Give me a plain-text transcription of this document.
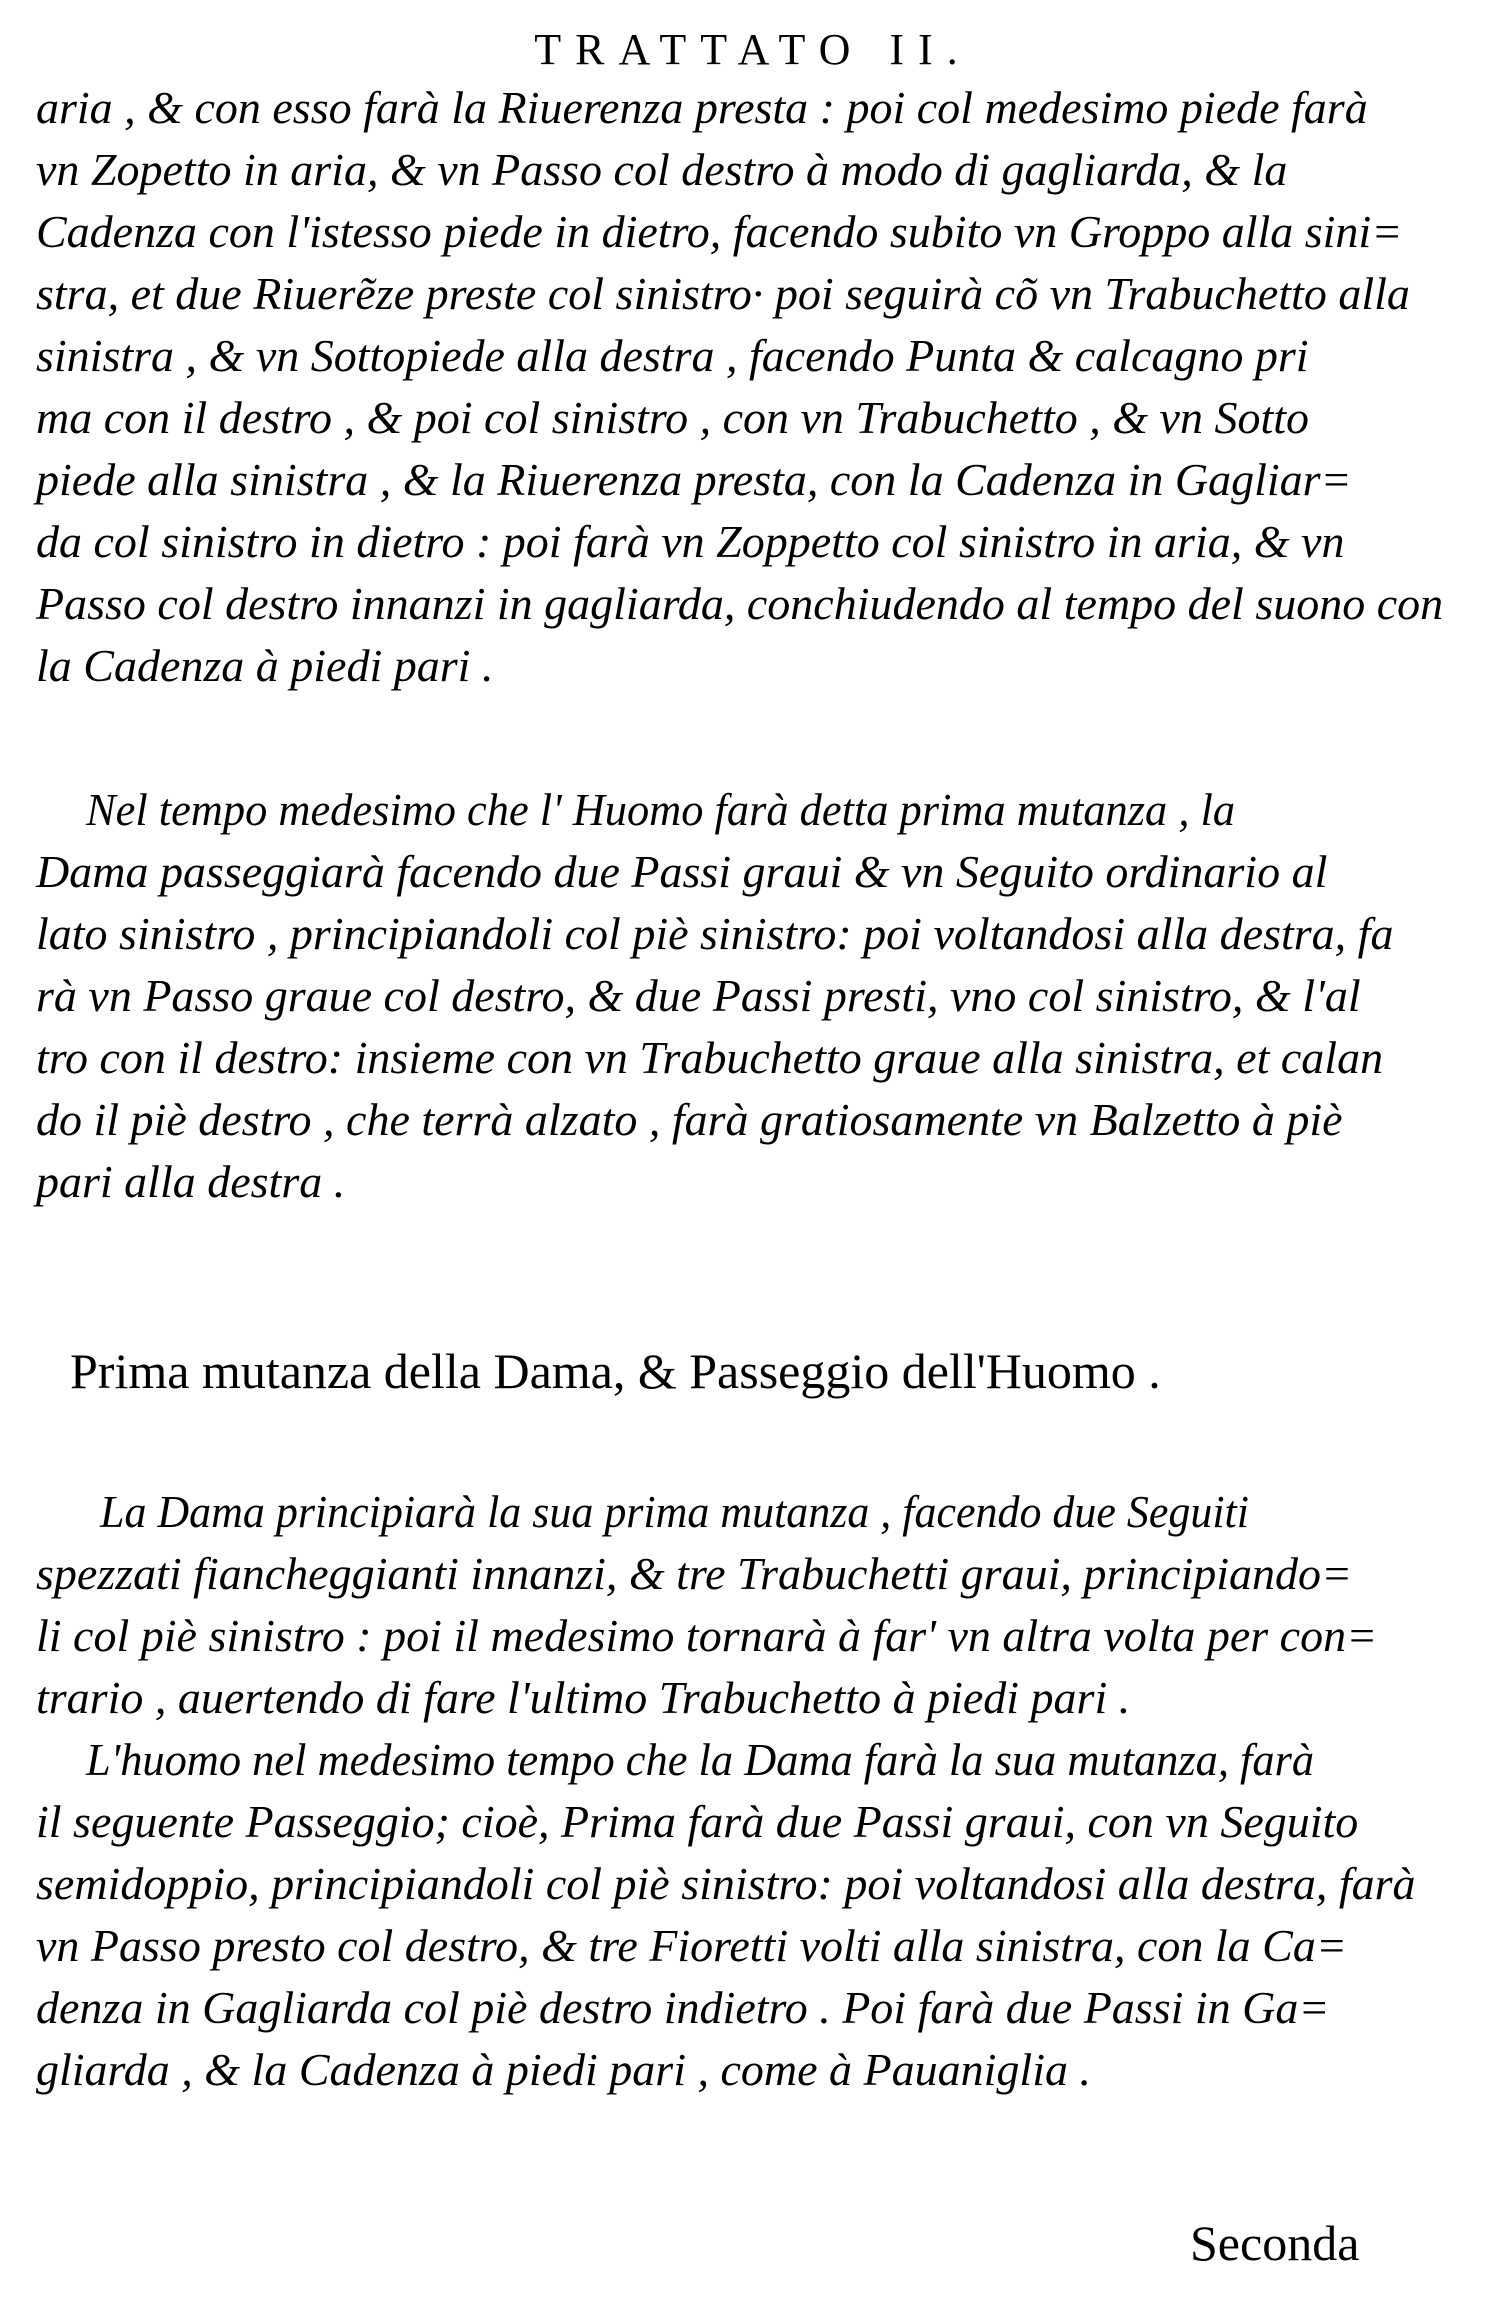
TRATTATO II.
aria , & con esso farà la Riuerenza presta : poi col medesimo piede farà
vn Zopetto in aria, & vn Passo col destro à modo di gagliarda, & la
Cadenza con l'istesso piede in dietro, facendo subito vn Groppo alla sini=
stra, et due Riuerẽze preste col sinistro· poi seguirà cõ vn Trabuchetto alla
sinistra , & vn Sottopiede alla destra , facendo Punta & calcagno pri
ma con il destro , & poi col sinistro , con vn Trabuchetto , & vn Sotto
piede alla sinistra , & la Riuerenza presta, con la Cadenza in Gagliar=
da col sinistro in dietro : poi farà vn Zoppetto col sinistro in aria, & vn
Passo col destro innanzi in gagliarda, conchiudendo al tempo del suono con
la Cadenza à piedi pari .
Nel tempo medesimo che l' Huomo farà detta prima mutanza , la
Dama passeggiarà facendo due Passi graui & vn Seguito ordinario al
lato sinistro , principiandoli col piè sinistro: poi voltandosi alla destra, fa
rà vn Passo graue col destro, & due Passi presti, vno col sinistro, & l'al
tro con il destro: insieme con vn Trabuchetto graue alla sinistra, et calan
do il piè destro , che terrà alzato , farà gratiosamente vn Balzetto à piè
pari alla destra .
Prima mutanza della Dama, & Passeggio dell'Huomo .
La Dama principiarà la sua prima mutanza , facendo due Seguiti
spezzati fiancheggianti innanzi, & tre Trabuchetti graui, principiando=
li col piè sinistro : poi il medesimo tornarà à far' vn altra volta per con=
trario , auertendo di fare l'ultimo Trabuchetto à piedi pari .
L'huomo nel medesimo tempo che la Dama farà la sua mutanza, farà
il seguente Passeggio; cioè, Prima farà due Passi graui, con vn Seguito
semidoppio, principiandoli col piè sinistro: poi voltandosi alla destra, farà
vn Passo presto col destro, & tre Fioretti volti alla sinistra, con la Ca=
denza in Gagliarda col piè destro indietro . Poi farà due Passi in Ga=
gliarda , & la Cadenza à piedi pari , come à Pauaniglia .
Seconda
